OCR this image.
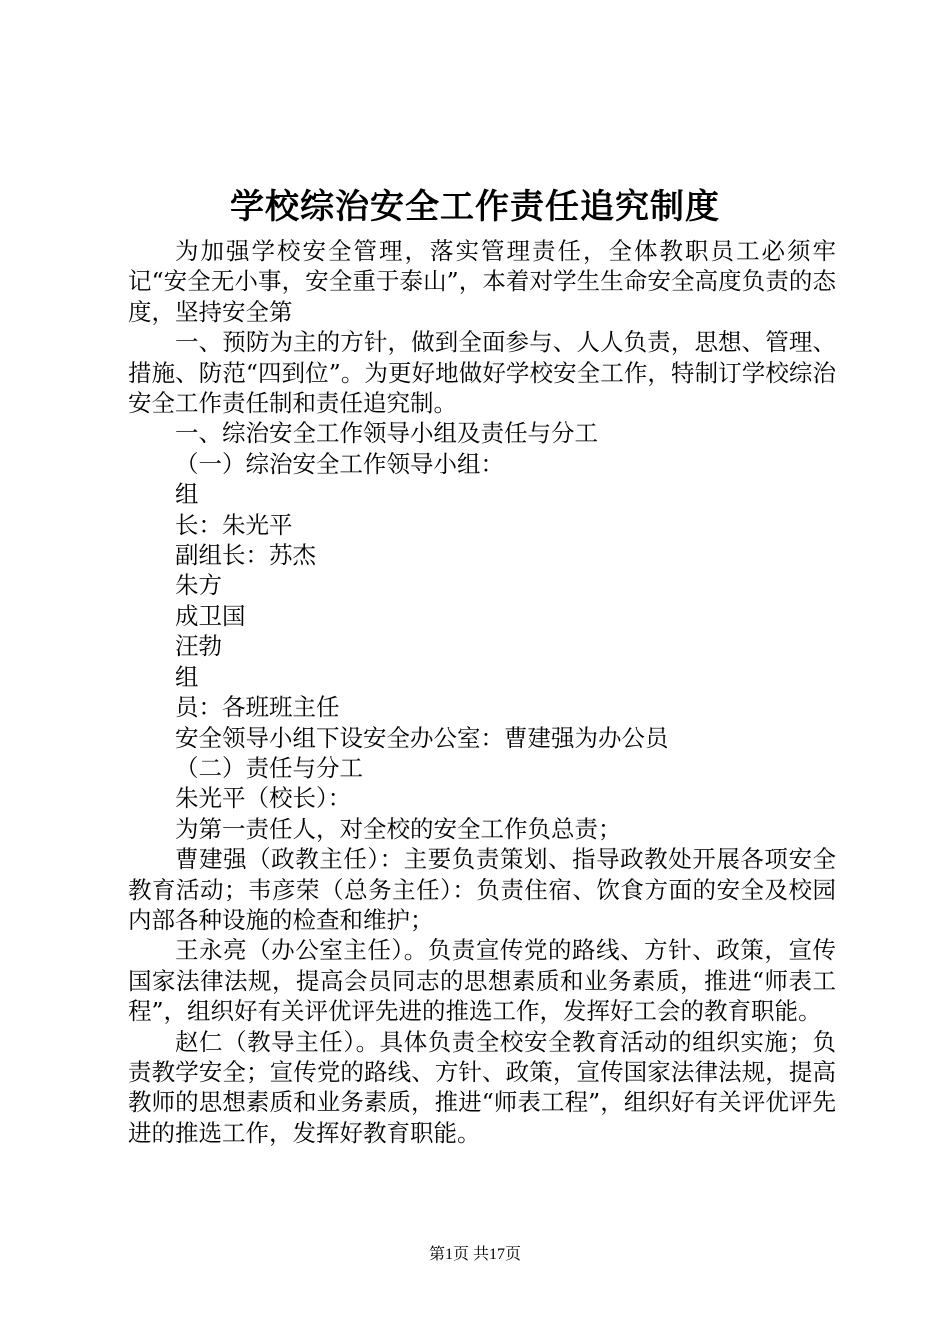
学校综治安全工作责任追究制度

为加强学校安全管理，落实管理责任，全体教职员工必须牢记“安全无小事，安全重于泰山”，本着对学生生命安全高度负责的态度，坚持安全第

一、预防为主的方针，做到全面参与、人人负责，思想、管理、措施、防范“四到位”。为更好地做好学校安全工作，特制订学校综治安全工作责任制和责任追究制。

一、综治安全工作领导小组及责任与分工

（一）综治安全工作领导小组：

组

长：朱光平

副组长：苏杰

朱方

成卫国

汪勃

组

员：各班班主任

安全领导小组下设安全办公室：曹建强为办公员

（二）责任与分工

朱光平（校长）：

为第一责任人，对全校的安全工作负总责；

曹建强（政教主任）：主要负责策划、指导政教处开展各项安全教育活动；韦彦荣（总务主任）：负责住宿、饮食方面的安全及校园内部各种设施的检查和维护；

王永亮（办公室主任）。负责宣传党的路线、方针、政策，宣传国家法律法规，提高会员同志的思想素质和业务素质，推进“师表工程”，组织好有关评优评先进的推选工作，发挥好工会的教育职能。

赵仁（教导主任）。具体负责全校安全教育活动的组织实施；负责教学安全；宣传党的路线、方针、政策，宣传国家法律法规，提高教师的思想素质和业务素质，推进“师表工程”，组织好有关评优评先进的推选工作，发挥好教育职能。

第1页 共17页
